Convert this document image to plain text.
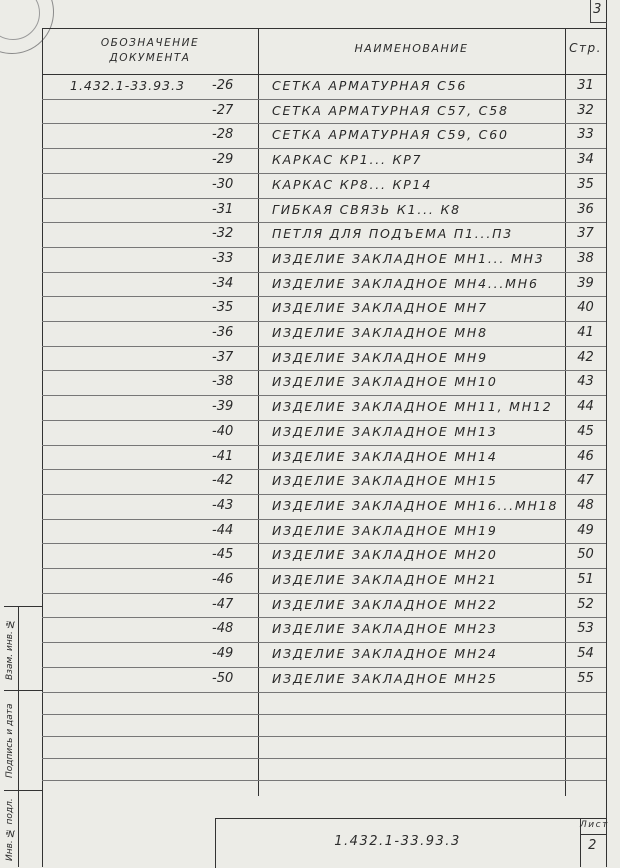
3
ОБОЗНАЧЕНИЕ
ДОКУМЕНТА
НАИМЕНОВАНИЕ	Стр.
1.432.1-33.93.3 -26	СЕТКА АРМАТУРНАЯ С56	31
-27	СЕТКА АРМАТУРНАЯ С57, С58	32
-28	СЕТКА АРМАТУРНАЯ С59, С60	33
-29	КАРКАС КР1... КР7	34
-30	КАРКАС КР8... КР14	35
-31	ГИБКАЯ СВЯЗЬ К1... К8	36
-32	ПЕТЛЯ ДЛЯ ПОДЪЕМА П1...П3	37
-33	ИЗДЕЛИЕ ЗАКЛАДНОЕ МН1... МН3	38
-34	ИЗДЕЛИЕ ЗАКЛАДНОЕ МН4...МН6	39
-35	ИЗДЕЛИЕ ЗАКЛАДНОЕ МН7	40
-36	ИЗДЕЛИЕ ЗАКЛАДНОЕ МН8	41
-37	ИЗДЕЛИЕ ЗАКЛАДНОЕ МН9	42
-38	ИЗДЕЛИЕ ЗАКЛАДНОЕ МН10	43
-39	ИЗДЕЛИЕ ЗАКЛАДНОЕ МН11, МН12	44
-40	ИЗДЕЛИЕ ЗАКЛАДНОЕ МН13	45
-41	ИЗДЕЛИЕ ЗАКЛАДНОЕ МН14	46
-42	ИЗДЕЛИЕ ЗАКЛАДНОЕ МН15	47
-43	ИЗДЕЛИЕ ЗАКЛАДНОЕ МН16...МН18	48
-44	ИЗДЕЛИЕ ЗАКЛАДНОЕ МН19	49
-45	ИЗДЕЛИЕ ЗАКЛАДНОЕ МН20	50
-46	ИЗДЕЛИЕ ЗАКЛАДНОЕ МН21	51
-47	ИЗДЕЛИЕ ЗАКЛАДНОЕ МН22	52
-48	ИЗДЕЛИЕ ЗАКЛАДНОЕ МН23	53
-49	ИЗДЕЛИЕ ЗАКЛАДНОЕ МН24	54
-50	ИЗДЕЛИЕ ЗАКЛАДНОЕ МН25	55
Взам. инв. №
Подпись и дата
Инв. № подл.	1.432.1-33.93.3
Лист
2
